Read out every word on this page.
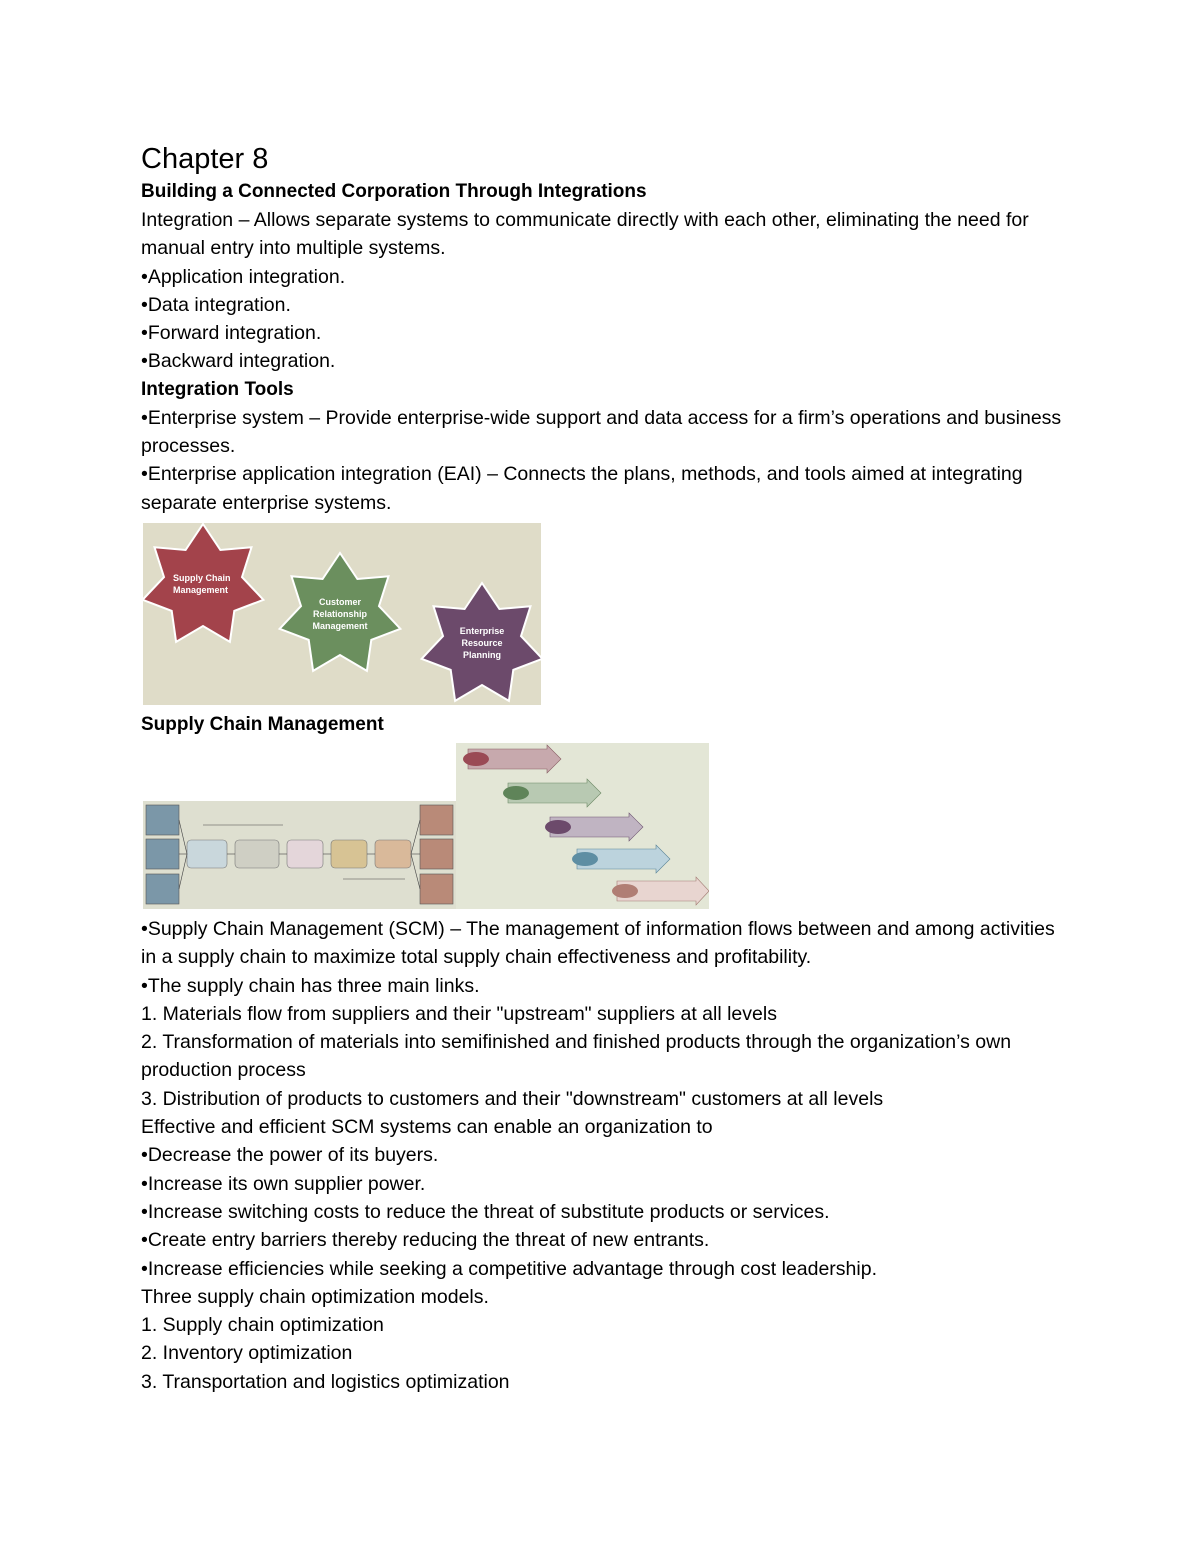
Chapter 8

Building a Connected Corporation Through Integrations

Integration – Allows separate systems to communicate directly with each other, eliminating the need for manual entry into multiple systems.

•Application integration.

•Data integration.

•Forward integration.

•Backward integration.

Integration Tools

•Enterprise system – Provide enterprise-wide support and data access for a firm’s operations and business processes.

•Enterprise application integration (EAI) – Connects the plans, methods, and tools aimed at integrating separate enterprise systems.

Supply Chain
Management
Customer
Relationship
Management	Enterprise
Resource
Planning

Supply Chain Management

•Supply Chain Management (SCM) – The management of information flows between and among activities in a supply chain to maximize total supply chain effectiveness and profitability.

•The supply chain has three main links.

1. Materials flow from suppliers and their "upstream" suppliers at all levels

2. Transformation of materials into semifinished and finished products through the organization’s own production process

3. Distribution of products to customers and their "downstream" customers at all levels

Effective and efficient SCM systems can enable an organization to

•Decrease the power of its buyers.

•Increase its own supplier power.

•Increase switching costs to reduce the threat of substitute products or services.

•Create entry barriers thereby reducing the threat of new entrants.

•Increase efficiencies while seeking a competitive advantage through cost leadership.

Three supply chain optimization models.

1. Supply chain optimization

2. Inventory optimization

3. Transportation and logistics optimization
